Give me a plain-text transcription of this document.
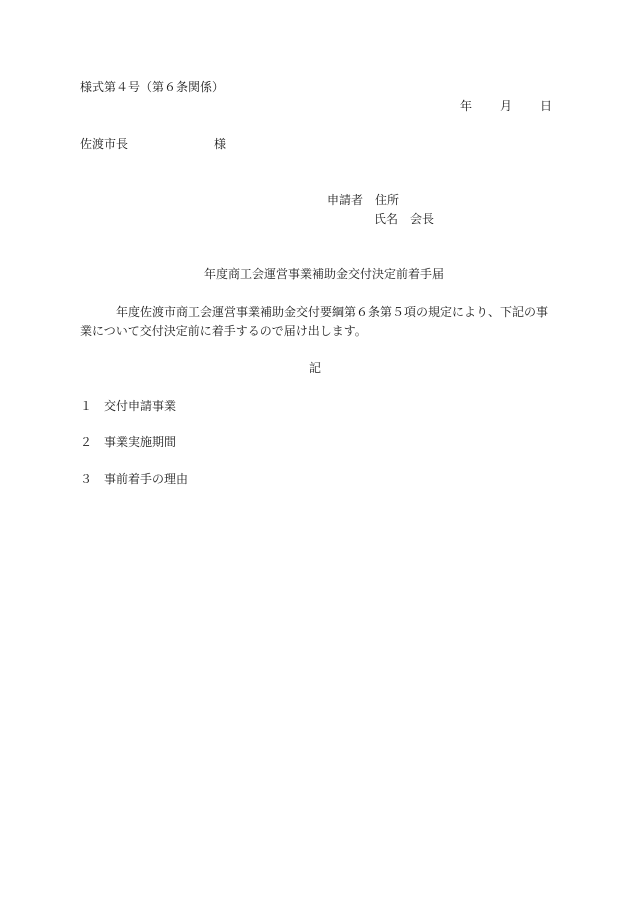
様式第４号（第６条関係）
年 月 日
佐渡市長	様
申請者 住所
氏名 会長
年度商工会運営事業補助金交付決定前着手届
年度佐渡市商工会運営事業補助金交付要綱第６条第５項の規定により、下記の事業について交付決定前に着手するので届け出します。
記
１ 交付申請事業
２ 事業実施期間
３ 事前着手の理由
